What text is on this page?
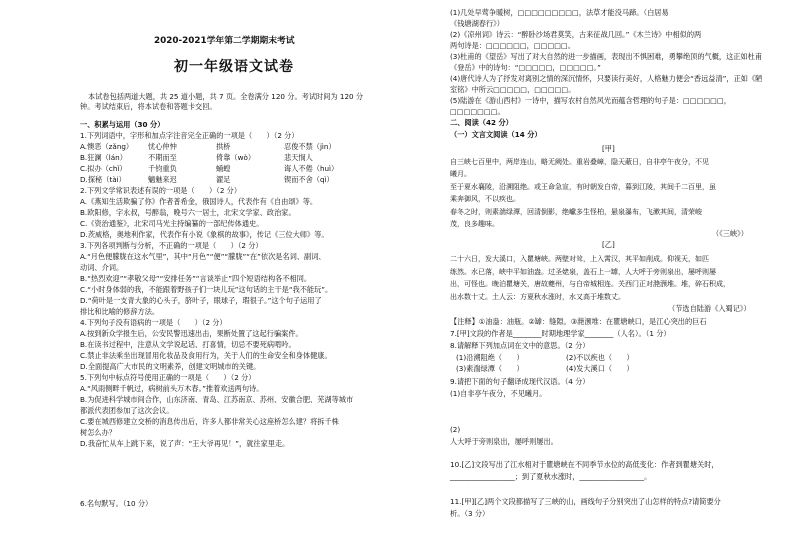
2020-2021学年第二学期期末考试
初一年级语文试卷
本试卷包括两道大题，共 25 道小题，共 7 页。全卷满分 120 分。考试时间为 120 分
钟。考试结束后，将本试卷和答题卡交回。
一、积累与运用（30 分）
1.下列词语中，字形和加点字注音完全正确的一项是（　　）（2 分）
A.懊恶（zǎng）	忧心仲忡	拱桥	忍俊不禁（jìn）
B.狂澜（lán）	不期而至	倚靠（wò）	悲天悯人
C.拟办（chǐ）	千钧重负	蛹蝗	诲人不倦（huì）
D.探秘（tài）	魑魅来迟	濯足	锲而不舍（qì）
2.下列文学常识表述有误的一项是（　　）（2 分）
A.《燕知生活欺骗了你》作者普希金，俄国诗人，代表作有《自由颂》等。
B.欧阳修，字永叔，号醉翁，晚号六一居士，北宋文学家、政治家。
C.《资治通鉴》，北宋司马光主持编纂的一部纪传体通史。
D.茨威格，奥地利作家，代表作有小说《象棋的故事》，传记《三位大师》等。
3.下列各项判断与分析，不正确的一项是（　　）（2 分）
A.“月色便朦胧在这水气里”，其中“月色”“便”“朦胧”“在”依次是名词、副词、
动词、介词。
B.“热烈欢迎”“孝敬父母”“安排任务”“言谈举止”四个短语结构各不相同。
C.“小时身体弱的我，不能跟着野孩子们一块儿玩”这句话的主干是“我不能玩”。
D.“荷叶是一支青大象的心头子，脐叶子，眼球子，瑕很子。”这个句子运用了
排比和比喻的修辞方法。
4.下列句子没有语病的一项是（　　）（2 分）
A.按到新众学报生后，公安民警迅速出击，果断处置了这起行骗案件。
B.在读书过程中，注意从文学说起话、打喜情，切忌不要死病啃吟。
C.禁止非法乘坐出现冒用化妆品及食用行为，关于人们的生命安全和身体健康。
D.全面提高广大市民的文明素养，创建文明城市的关键。
5.下列句中标点符号使用正确的一项是（　　）（2 分）
A.“风雨侧畔千帆过，病树前头万木春。”推着欢送两句诗。
B.为促进科学城市间合作，山东济南、青岛、江苏南京、苏州、安徽合肥、芜湖等城市
都派代表团参加了这次会议。
C.要在城西修建立交桥的消息传出后，许多人都非常关心这座桥怎么建？将拆千株
树怎么办？
D.我奋忙从车上跳下来，说了声：“王大爷再见！”，就往家里走。
6.名句默写。（10 分）
(1)几处早莺争暖树，□□□□□□□□□，法草才能没马蹄。（白居易
《钱塘湖春行》）
(2)《凉州词》诗云：“醉卧沙场君莫笑，古来征战几回。”《木兰诗》中相似的两
两句诗是：□□□□□□，□□□□□。
(3)杜甫的《望岳》写出了对大自然的进一步描画，表现出不惧困难，勇攀绝顶的气概，这正如杜甫
《登岳》中的诗句：“□□□□□，□□□□□。”
(4)唐代诗人为了抒发对离别之情的深沉情怀，只要读行美好，人格魅力便会“香远益清”，正如《陋
室铭》中所云□□□□□，□□□□□。
(5)陆游在《游山西村》一诗中，描写农村自然风光而蕴含哲理的句子是：□□□□□□，
□□□□□□□。
二、阅读（42 分）
（一）文言文阅读（14 分）
[甲]
自三峡七百里中，两岸连山，略无阙处。重岩叠嶂，隐天蔽日，自非亭午夜分，不见
曦月。
至于夏水襄陵，沿溯阻绝。或王命急宣，有时朝发白帝，暮到江陵，其间千二百里，虽
乘奔御风，不以疾也。
春冬之时，则素湍绿潭，回清倒影，绝巘多生怪柏，悬泉瀑布，飞漱其间，清荣峻
茂，良多趣味。
（《三峡》）
[乙]
二十六日，发大溪口，入瞿塘峡。两壁对耸，上入霄汉，其平如削成。仰视天，如匹
练然。水已落，峡中平如油盎。过圣姥泉，盖石上一罅，人大呼于旁则泉出，屡呼则屡
出，可怪也。晚泊瞿塘关，唐故夔州，与白帝城相连。关西门正对滟滪堆。堆，碎石积成，
出水数十丈。土人云：方夏秋水涨时，水又高于堆数丈。
（节选自陆游《入蜀记》）
【注释】①油盎：油瓶。②罅：缝隙。③滟滪堆：在瞿塘峡口，是江心突出的巨石
7.[甲]文段的作者是________时期地理学家________（人名）。（1 分）
8.请解释下列加点词在文中的意思。（2 分）
(1)沿溯阻绝（　　）	(2)不以疾也（　　）
(3)素湍绿潭（　　）	(4)发大溪口（　　）
9.请把下面的句子翻译成现代汉语。（4 分）
(1)自非亭午夜分，不见曦月。
(2)
人大呼于旁则泉出，屡呼则屡出。
10.[乙]文段写出了江水相对于瞿塘峡在不同季节水位的高低变化：作者到瞿塘关时，
__________________；到了夏秋水涨时，__________________。
11.[甲][乙]两个文段都描写了三峡的山，画线句子分别突出了山怎样的特点?请简要分
析。（3 分）
